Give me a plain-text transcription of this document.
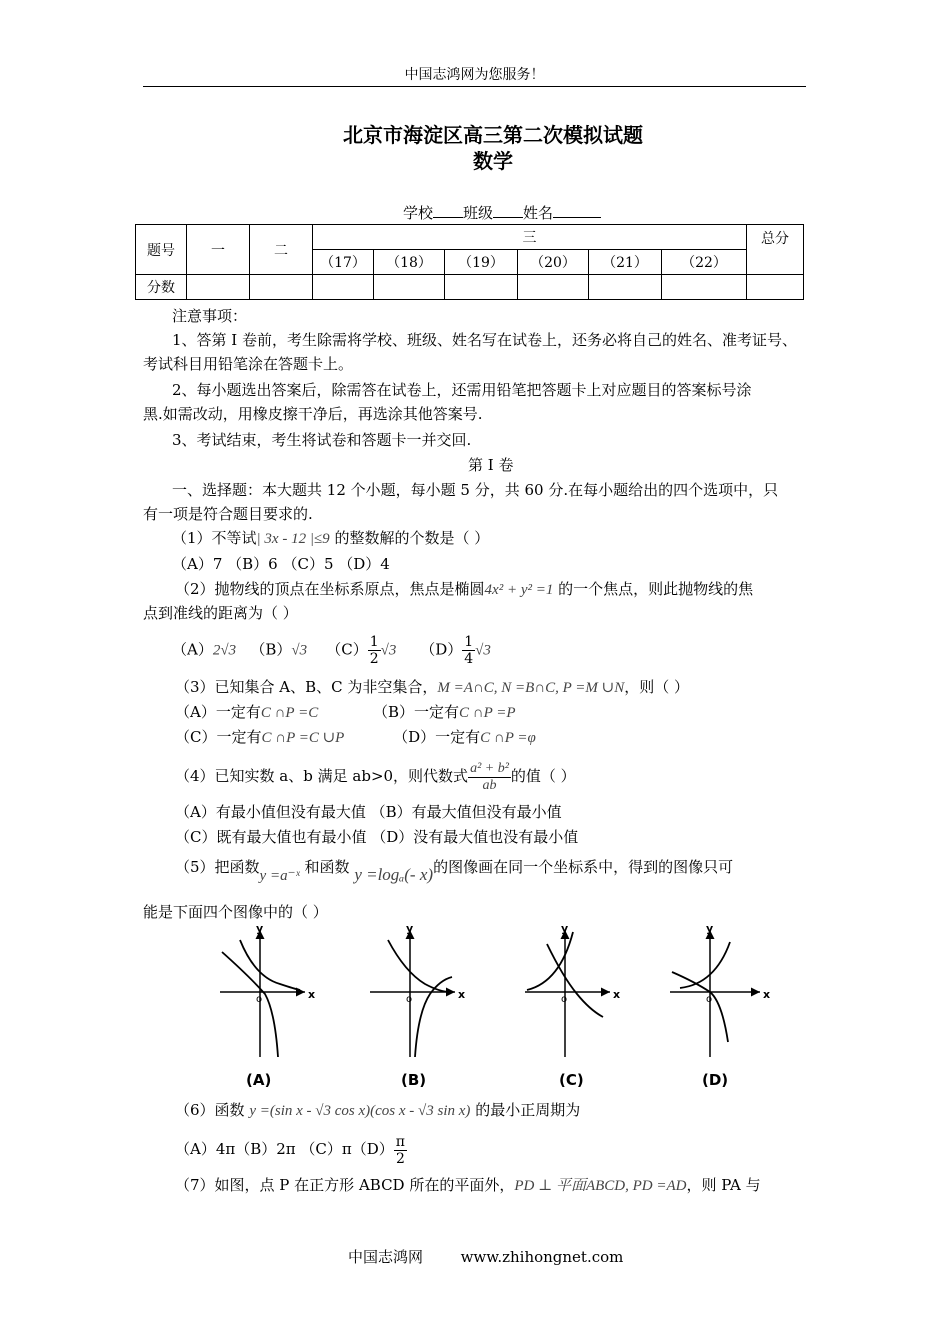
中国志鸿网为您服务！
北京市海淀区高三第二次模拟试题
数学
学校 班级 姓名
题号	一	二	三						总分
			（17）	（18）	（19）	（20）	（21）	（22）	
分数									
注意事项：
1、答第 I 卷前，考生除需将学校、班级、姓名写在试卷上，还务必将自己的姓名、准考证号、
考试科目用铅笔涂在答题卡上。
2、每小题选出答案后，除需答在试卷上，还需用铅笔把答题卡上对应题目的答案标号涂
黑.如需改动，用橡皮擦干净后，再选涂其他答案号.
3、考试结束，考生将试卷和答题卡一并交回.
第 I 卷
一、选择题：本大题共 12 个小题，每小题 5 分，共 60 分.在每小题给出的四个选项中，只
有一项是符合题目要求的.
（1）不等试| 3x - 12 |≤9 的整数解的个数是（ ）
（A）7 （B）6 （C）5 （D）4
（2）抛物线的顶点在坐标系原点，焦点是椭圆4x² + y² =1 的一个焦点，则此抛物线的焦
点到准线的距离为（ ）
（A）2√3 （B）√3 $(C) \frac{1}{2} √3$ $(D) \frac{1}{4} √3$
（3）已知集合 A、B、C 为非空集合，M =A∩C, N =B∩C, P =M ∪N，则（ ）
（A）一定有C ∩P =C	（B）一定有C ∩P =P
（C）一定有C ∩P =C ∪P	（D）一定有C ∩P =φ
（4）已知实数 a、b 满足 ab>0，则代数式 $\frac{\text{a² + b²}}{ab}$ 的值（ ）
（A）有最小值但没有最大值 （B）有最大值但没有最小值
（C）既有最大值也有最小值 （D）没有最大值也没有最小值
（5）把函数y =a⁻ˣ 和函数 y =logₐ(- x)的图像画在同一个坐标系中，得到的图像只可
能是下面四个图像中的（ ）
x
y
o	x
y
o	x
y
o	x
y
o
(A)	(B)	(C)	(D)
（6）函数 y =(sin x - √3 cos x)(cos x - √3 sin x) 的最小正周期为
（A）4π（B）2π $(C)\pi(D) \frac{\pi}{2}$
（7）如图，点 P 在正方形 ABCD 所在的平面外，PD ⊥ 平面ABCD, PD =AD，则 PA 与
中国志鸿网	www.zhihongnet.com
